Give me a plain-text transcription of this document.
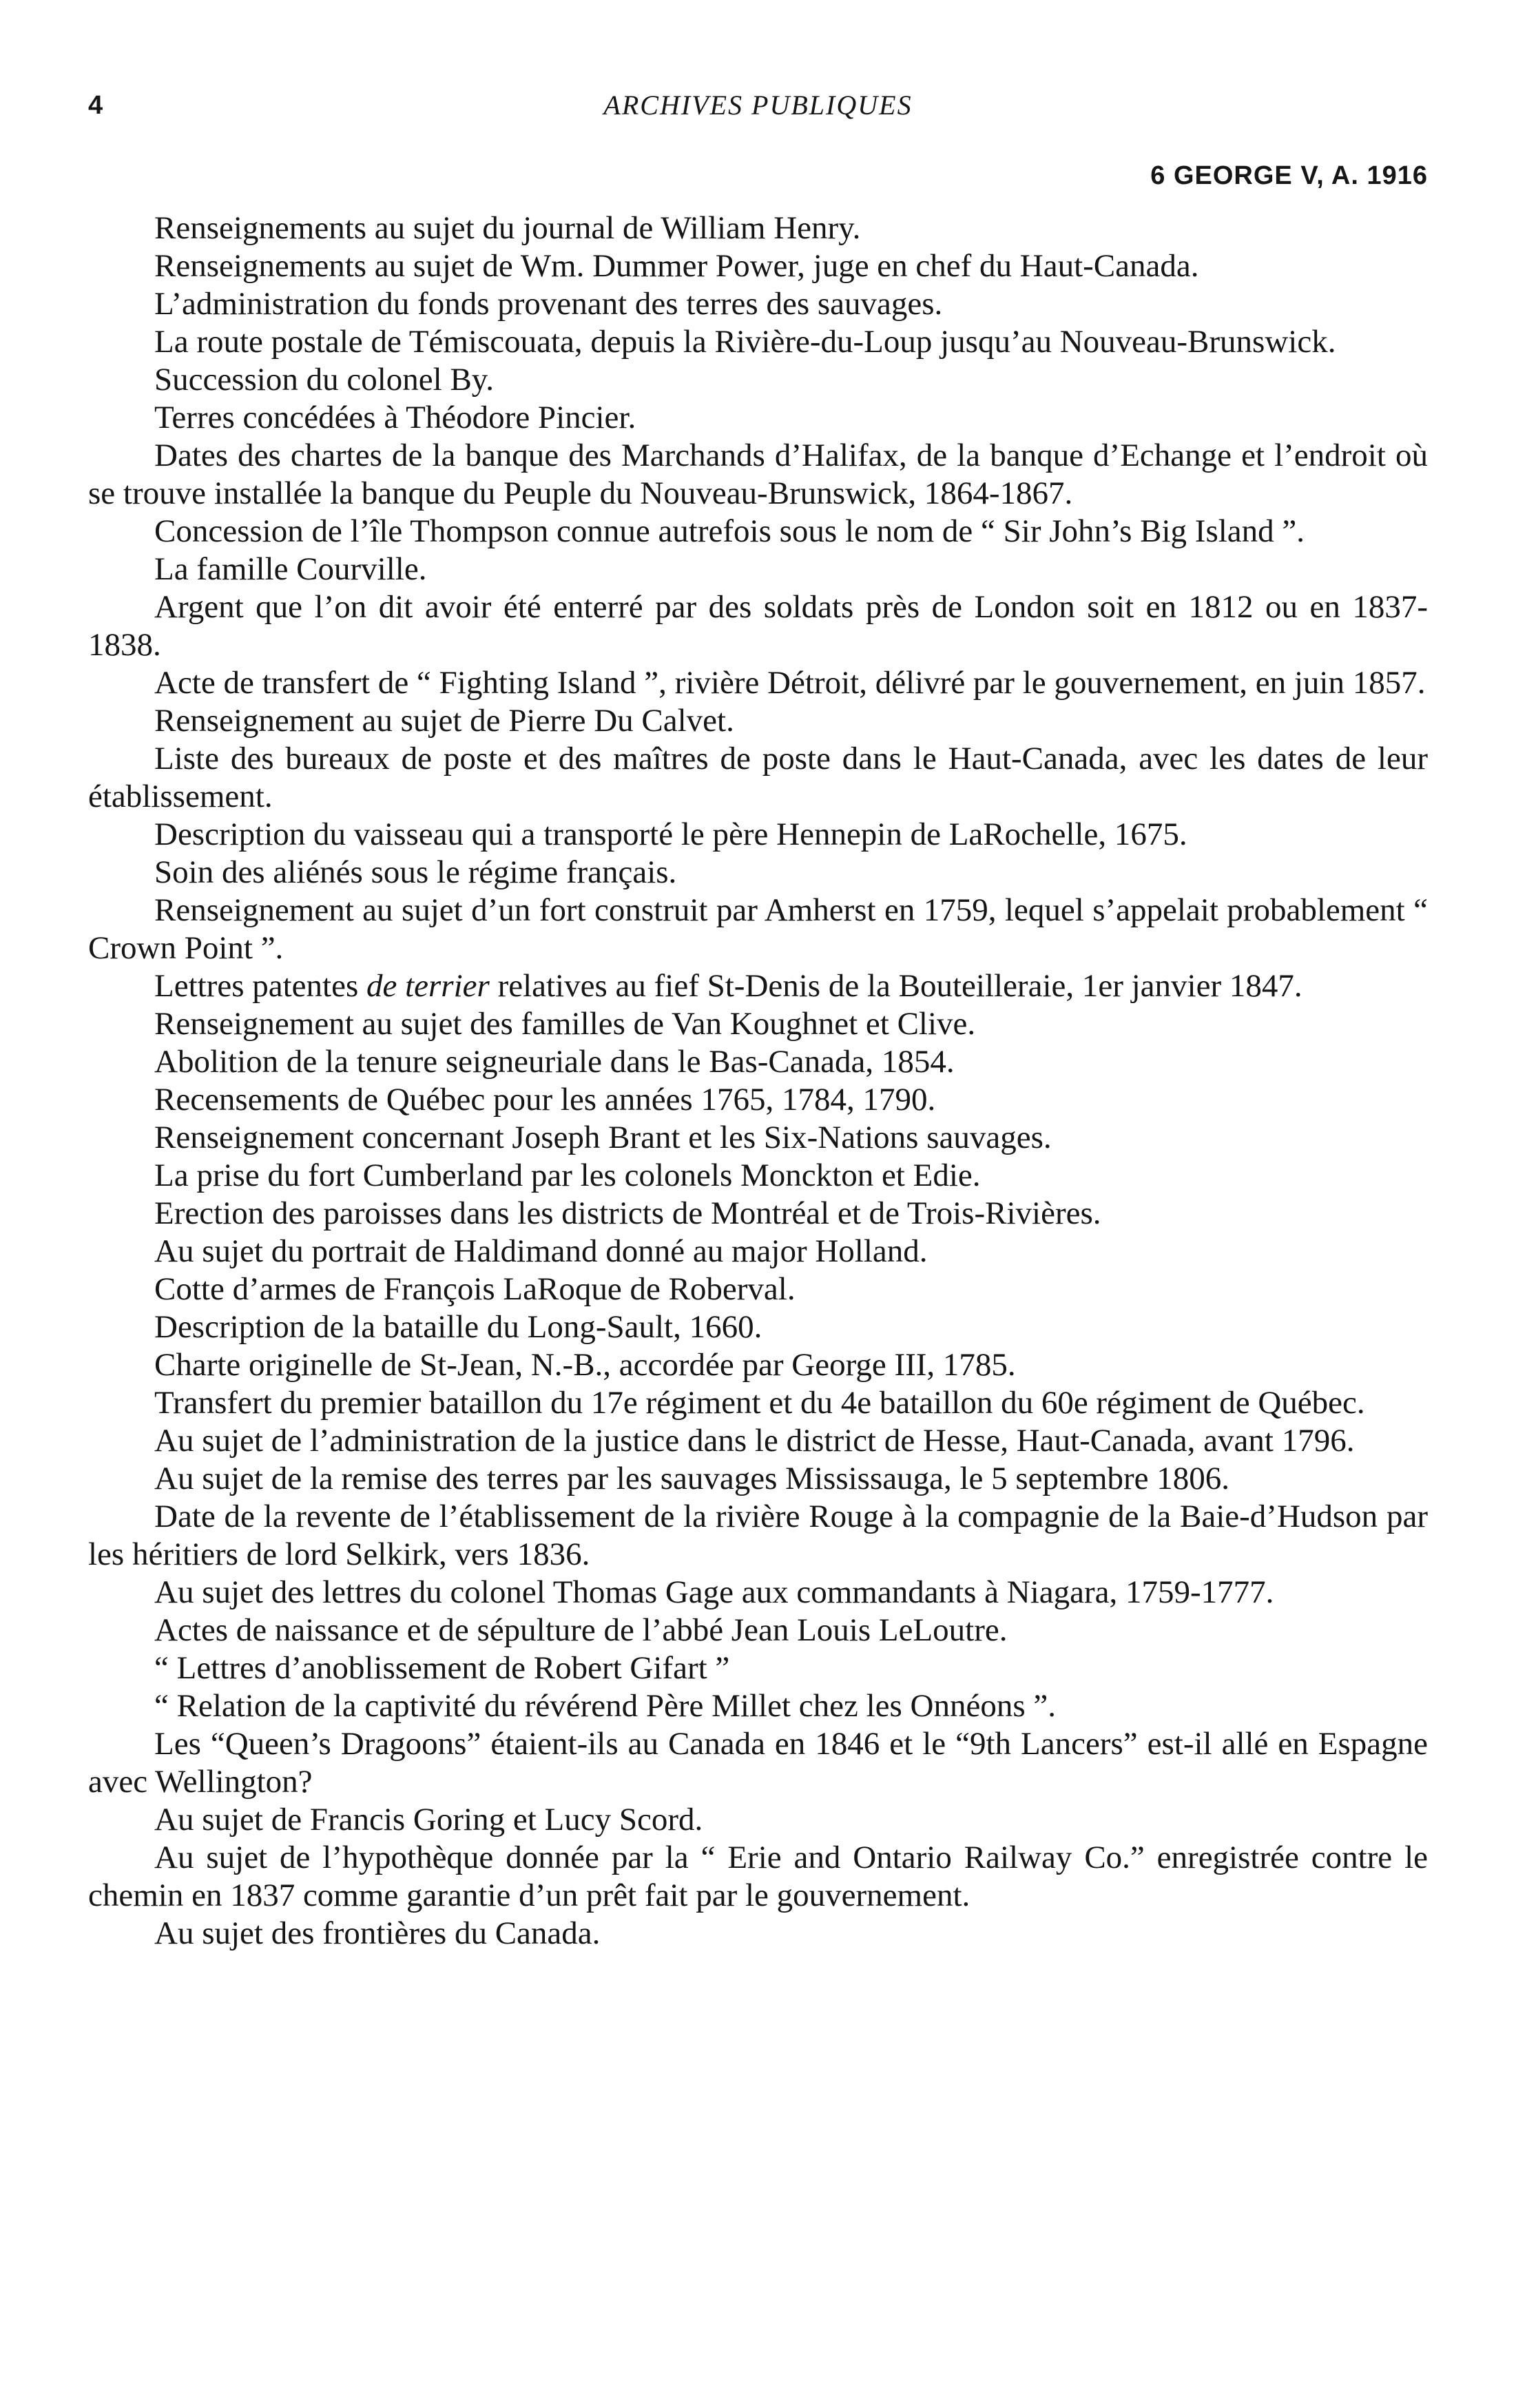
4	ARCHIVES PUBLIQUES
6 GEORGE V, A. 1916
Renseignements au sujet du journal de William Henry.
Renseignements au sujet de Wm. Dummer Power, juge en chef du Haut-Canada.
L’administration du fonds provenant des terres des sauvages.
La route postale de Témiscouata, depuis la Rivière-du-Loup jusqu’au Nouveau-Brunswick.
Succession du colonel By.
Terres concédées à Théodore Pincier.
Dates des chartes de la banque des Marchands d’Halifax, de la banque d’Echange et l’endroit où se trouve installée la banque du Peuple du Nouveau-Brunswick, 1864-1867.
Concession de l’île Thompson connue autrefois sous le nom de “ Sir John’s Big Island ”.
La famille Courville.
Argent que l’on dit avoir été enterré par des soldats près de London soit en 1812 ou en 1837-1838.
Acte de transfert de “ Fighting Island ”, rivière Détroit, délivré par le gouvernement, en juin 1857.
Renseignement au sujet de Pierre Du Calvet.
Liste des bureaux de poste et des maîtres de poste dans le Haut-Canada, avec les dates de leur établissement.
Description du vaisseau qui a transporté le père Hennepin de LaRochelle, 1675.
Soin des aliénés sous le régime français.
Renseignement au sujet d’un fort construit par Amherst en 1759, lequel s’appelait probablement “ Crown Point ”.
Lettres patentes de terrier relatives au fief St-Denis de la Bouteilleraie, 1er janvier 1847.
Renseignement au sujet des familles de Van Koughnet et Clive.
Abolition de la tenure seigneuriale dans le Bas-Canada, 1854.
Recensements de Québec pour les années 1765, 1784, 1790.
Renseignement concernant Joseph Brant et les Six-Nations sauvages.
La prise du fort Cumberland par les colonels Monckton et Edie.
Erection des paroisses dans les districts de Montréal et de Trois-Rivières.
Au sujet du portrait de Haldimand donné au major Holland.
Cotte d’armes de François LaRoque de Roberval.
Description de la bataille du Long-Sault, 1660.
Charte originelle de St-Jean, N.-B., accordée par George III, 1785.
Transfert du premier bataillon du 17e régiment et du 4e bataillon du 60e régiment de Québec.
Au sujet de l’administration de la justice dans le district de Hesse, Haut-Canada, avant 1796.
Au sujet de la remise des terres par les sauvages Mississauga, le 5 septembre 1806.
Date de la revente de l’établissement de la rivière Rouge à la compagnie de la Baie-d’Hudson par les héritiers de lord Selkirk, vers 1836.
Au sujet des lettres du colonel Thomas Gage aux commandants à Niagara, 1759-1777.
Actes de naissance et de sépulture de l’abbé Jean Louis LeLoutre.
“ Lettres d’anoblissement de Robert Gifart ”
“ Relation de la captivité du révérend Père Millet chez les Onnéons ”.
Les “Queen’s Dragoons” étaient-ils au Canada en 1846 et le “9th Lancers” est-il allé en Espagne avec Wellington?
Au sujet de Francis Goring et Lucy Scord.
Au sujet de l’hypothèque donnée par la “ Erie and Ontario Railway Co.” enregistrée contre le chemin en 1837 comme garantie d’un prêt fait par le gouvernement.
Au sujet des frontières du Canada.
